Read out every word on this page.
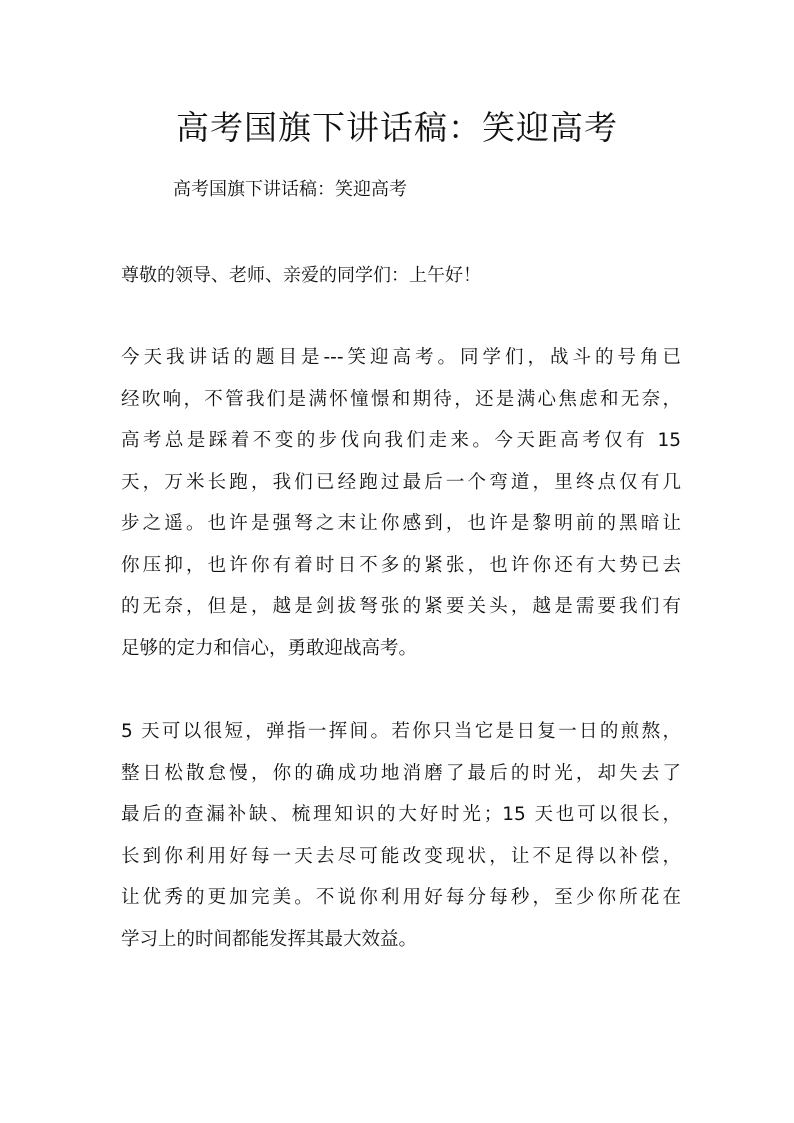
高考国旗下讲话稿：笑迎高考
高考国旗下讲话稿：笑迎高考
尊敬的领导、老师、亲爱的同学们：上午好！
今天我讲话的题目是---笑迎高考。同学们，战斗的号角已
经吹响，不管我们是满怀憧憬和期待，还是满心焦虑和无奈，
高考总是踩着不变的步伐向我们走来。今天距高考仅有 15
天，万米长跑，我们已经跑过最后一个弯道，里终点仅有几
步之遥。也许是强弩之末让你感到，也许是黎明前的黑暗让
你压抑，也许你有着时日不多的紧张，也许你还有大势已去
的无奈，但是，越是剑拔弩张的紧要关头，越是需要我们有
足够的定力和信心，勇敢迎战高考。
5 天可以很短，弹指一挥间。若你只当它是日复一日的煎熬，
整日松散怠慢，你的确成功地消磨了最后的时光，却失去了
最后的查漏补缺、梳理知识的大好时光；15 天也可以很长，
长到你利用好每一天去尽可能改变现状，让不足得以补偿，
让优秀的更加完美。不说你利用好每分每秒，至少你所花在
学习上的时间都能发挥其最大效益。
